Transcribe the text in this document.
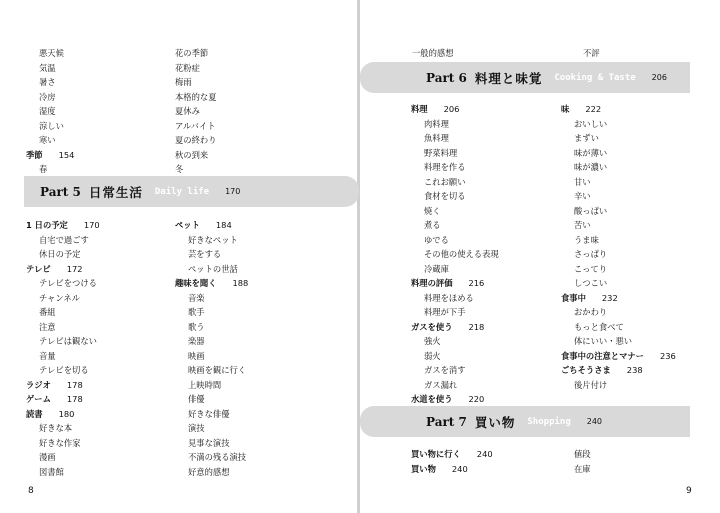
悪天候
気温
暑さ
冷房
湿度
涼しい
寒い
季節 154
春
花の季節
花粉症
梅雨
本格的な夏
夏休み
アルバイト
夏の終わり
秋の到来
冬
Part 5 日常生活 Daily life 170
1 日の予定 170
自宅で過ごす
休日の予定
テレビ 172
テレビをつける
チャンネル
番組
注意
テレビは観ない
音量
テレビを切る
ラジオ 178
ゲーム 178
読書 180
好きな本
好きな作家
漫画
図書館
ペット 184
好きなペット
芸をする
ペットの世話
趣味を聞く 188
音楽
歌手
歌う
楽器
映画
映画を観に行く
上映時間
俳優
好きな俳優
演技
見事な演技
不満の残る演技
好意的感想
8
一般的感想	不評
Part 6 料理と味覚 Cooking & Taste 206
料理 206
肉料理
魚料理
野菜料理
料理を作る
これお願い
食材を切る
焼く
煮る
ゆでる
その他の使える表現
冷蔵庫
料理の評価 216
料理をほめる
料理が下手
ガスを使う 218
強火
弱火
ガスを消す
ガス漏れ
水道を使う 220
味 222
おいしい
まずい
味が薄い
味が濃い
甘い
辛い
酸っぱい
苦い
うま味
さっぱり
こってり
しつこい
食事中 232
おかわり
もっと食べて
体にいい・悪い
食事中の注意とマナー 236
ごちそうさま 238
後片付け
Part 7 買い物 Shopping 240
買い物に行く 240
買い物 240
値段
在庫
9
